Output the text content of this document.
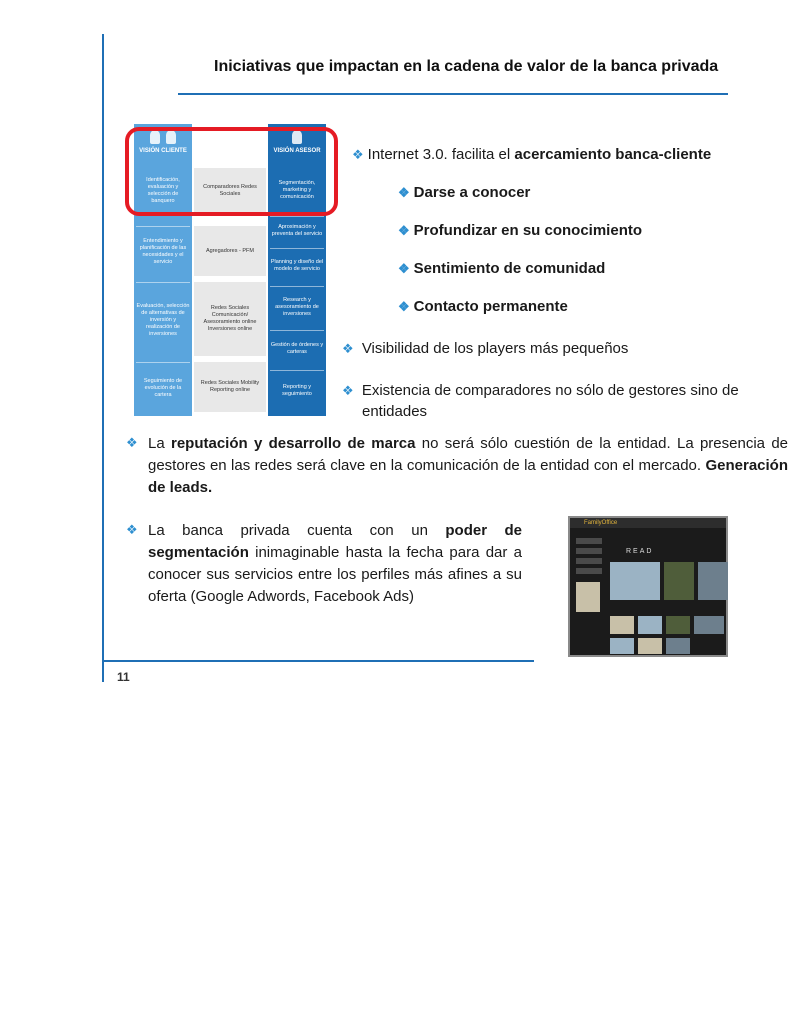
Iniciativas que impactan en la cadena de valor de la banca privada

VISIÓN CLIENTE
Identificación, evaluación y selección de banquero
Entendimiento y planificación de las necesidades y el servicio
Evaluación, selección de alternativas de inversión y realización de inversiones
Seguimiento de evolución de la cartera
Comparadores Redes Sociales
Agregadores - PFM
Redes Sociales Comunicación/ Asesoramiento online Inversiones online
Redes Sociales Mobility Reporting online

VISIÓN ASESOR
Segmentación, marketing y comunicación
Aproximación y preventa del servicio
Planning y diseño del modelo de servicio
Research y asesoramiento de inversiones
Gestión de órdenes y carteras
Reporting y seguimiento
❖ Internet 3.0. facilita el acercamiento banca-cliente
❖ Darse a conocer
❖ Profundizar en su conocimiento
❖ Sentimiento de comunidad
❖ Contacto permanente
❖ Visibilidad de los players más pequeños
❖ Existencia de comparadores no sólo de gestores sino de
entidades
❖ La reputación y desarrollo de marca no será sólo cuestión de la entidad. La presencia de gestores en las redes será clave en la comunicación de la entidad con el mercado. Generación de leads.
❖ La banca privada cuenta con un poder de segmentación inimaginable hasta la fecha para dar a conocer sus servicios entre los perfiles más afines a su oferta (Google Adwords, Facebook Ads)
FamilyOffice
READ
11
